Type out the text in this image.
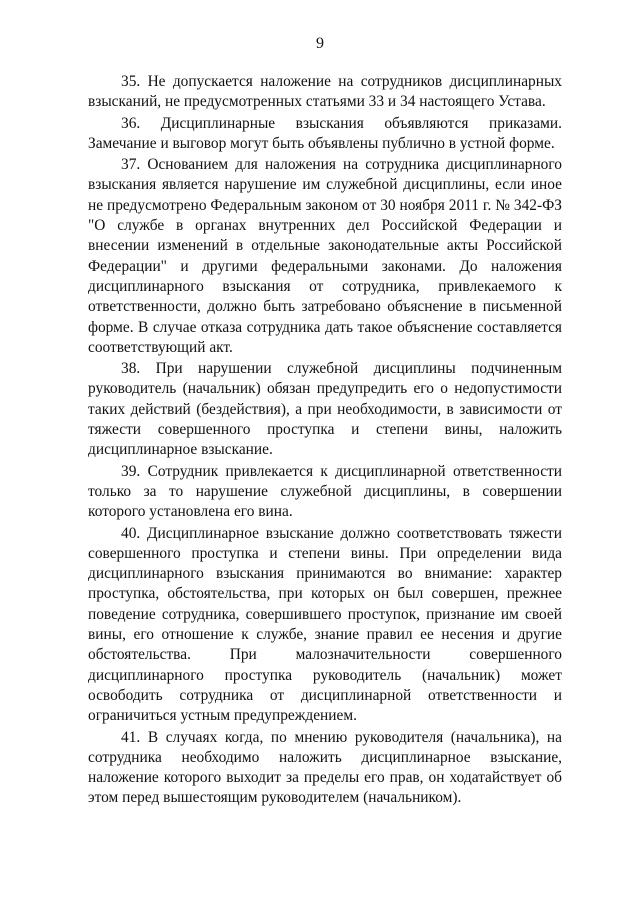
9

35. Не допускается наложение на сотрудников дисциплинарных взысканий, не предусмотренных статьями 33 и 34 настоящего Устава.

36. Дисциплинарные взыскания объявляются приказами. Замечание и выговор могут быть объявлены публично в устной форме.

37. Основанием для наложения на сотрудника дисциплинарного взыскания является нарушение им служебной дисциплины, если иное не предусмотрено Федеральным законом от 30 ноября 2011 г. № 342-ФЗ "О службе в органах внутренних дел Российской Федерации и внесении изменений в отдельные законодательные акты Российской Федерации" и другими федеральными законами. До наложения дисциплинарного взыскания от сотрудника, привлекаемого к ответственности, должно быть затребовано объяснение в письменной форме. В случае отказа сотрудника дать такое объяснение составляется соответствующий акт.

38. При нарушении служебной дисциплины подчиненным руководитель (начальник) обязан предупредить его о недопустимости таких действий (бездействия), а при необходимости, в зависимости от тяжести совершенного проступка и степени вины, наложить дисциплинарное взыскание.

39. Сотрудник привлекается к дисциплинарной ответственности только за то нарушение служебной дисциплины, в совершении которого установлена его вина.

40. Дисциплинарное взыскание должно соответствовать тяжести совершенного проступка и степени вины. При определении вида дисциплинарного взыскания принимаются во внимание: характер проступка, обстоятельства, при которых он был совершен, прежнее поведение сотрудника, совершившего проступок, признание им своей вины, его отношение к службе, знание правил ее несения и другие обстоятельства. При малозначительности совершенного дисциплинарного проступка руководитель (начальник) может освободить сотрудника от дисциплинарной ответственности и ограничиться устным предупреждением.

41. В случаях когда, по мнению руководителя (начальника), на сотрудника необходимо наложить дисциплинарное взыскание, наложение которого выходит за пределы его прав, он ходатайствует об этом перед вышестоящим руководителем (начальником).
